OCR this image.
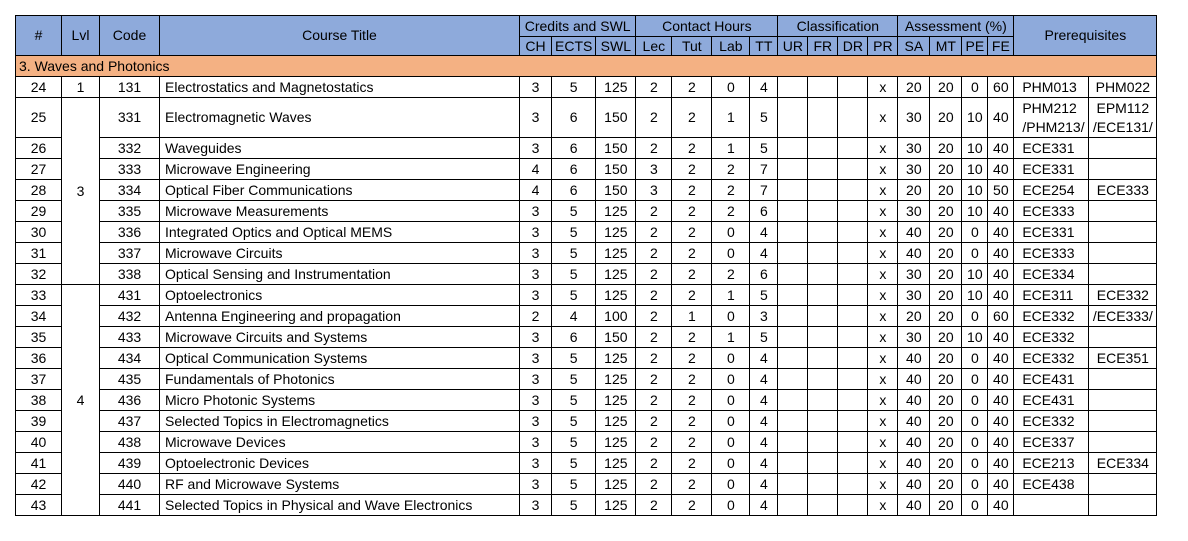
#	Lvl	Code	Course Title	Credits and SWL			Contact Hours				Classification				Assessment (%)				Prerequisites	
				CH	ECTS	SWL	Lec	Tut	Lab	TT	UR	FR	DR	PR	SA	MT	PE	FE		
3. Waves and Photonics																				
24	1	131	Electrostatics and Magnetostatics	3	5	125	2	2	0	4				x	20	20	0	60	PHM013	PHM022
25	3	331	Electromagnetic Waves	3	6	150	2	2	1	5				x	30	20	10	40	PHM212 /PHM213/	EPM112 /ECE131/
26		332	Waveguides	3	6	150	2	2	1	5				x	30	20	10	40	ECE331	
27		333	Microwave Engineering	4	6	150	3	2	2	7				x	30	20	10	40	ECE331	
28		334	Optical Fiber Communications	4	6	150	3	2	2	7				x	20	20	10	50	ECE254	ECE333
29		335	Microwave Measurements	3	5	125	2	2	2	6				x	30	20	10	40	ECE333	
30		336	Integrated Optics and Optical MEMS	3	5	125	2	2	0	4				x	40	20	0	40	ECE331	
31		337	Microwave Circuits	3	5	125	2	2	0	4				x	40	20	0	40	ECE333	
32		338	Optical Sensing and Instrumentation	3	5	125	2	2	2	6				x	30	20	10	40	ECE334	
33	4	431	Optoelectronics	3	5	125	2	2	1	5				x	30	20	10	40	ECE311	ECE332
34		432	Antenna Engineering and propagation	2	4	100	2	1	0	3				x	20	20	0	60	ECE332	/ECE333/
35		433	Microwave Circuits and Systems	3	6	150	2	2	1	5				x	30	20	10	40	ECE332	
36		434	Optical Communication Systems	3	5	125	2	2	0	4				x	40	20	0	40	ECE332	ECE351
37		435	Fundamentals of Photonics	3	5	125	2	2	0	4				x	40	20	0	40	ECE431	
38		436	Micro Photonic Systems	3	5	125	2	2	0	4				x	40	20	0	40	ECE431	
39		437	Selected Topics in Electromagnetics	3	5	125	2	2	0	4				x	40	20	0	40	ECE332	
40		438	Microwave Devices	3	5	125	2	2	0	4				x	40	20	0	40	ECE337	
41		439	Optoelectronic Devices	3	5	125	2	2	0	4				x	40	20	0	40	ECE213	ECE334
42		440	RF and Microwave Systems	3	5	125	2	2	0	4				x	40	20	0	40	ECE438	
43		441	Selected Topics in Physical and Wave Electronics	3	5	125	2	2	0	4				x	40	20	0	40		
